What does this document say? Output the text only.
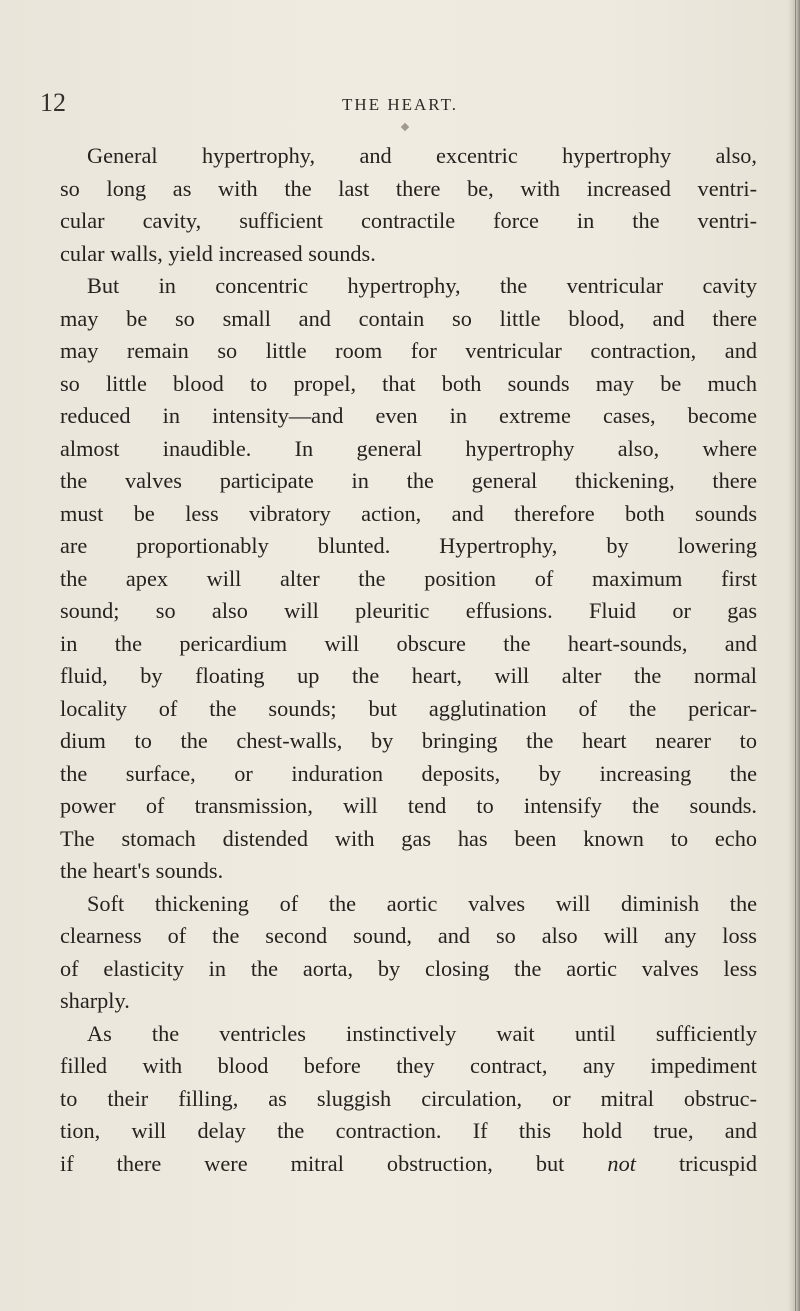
12	THE HEART.
General hypertrophy, and excentric hypertrophy also,
so long as with the last there be, with increased ventri-
cular cavity, sufficient contractile force in the ventri-
cular walls, yield increased sounds.
But in concentric hypertrophy, the ventricular cavity
may be so small and contain so little blood, and there
may remain so little room for ventricular contraction, and
so little blood to propel, that both sounds may be much
reduced in intensity—and even in extreme cases, become
almost inaudible. In general hypertrophy also, where
the valves participate in the general thickening, there
must be less vibratory action, and therefore both sounds
are proportionably blunted. Hypertrophy, by lowering
the apex will alter the position of maximum first
sound; so also will pleuritic effusions. Fluid or gas
in the pericardium will obscure the heart-sounds, and
fluid, by floating up the heart, will alter the normal
locality of the sounds; but agglutination of the pericar-
dium to the chest-walls, by bringing the heart nearer to
the surface, or induration deposits, by increasing the
power of transmission, will tend to intensify the sounds.
The stomach distended with gas has been known to echo
the heart's sounds.
Soft thickening of the aortic valves will diminish the
clearness of the second sound, and so also will any loss
of elasticity in the aorta, by closing the aortic valves less
sharply.
As the ventricles instinctively wait until sufficiently
filled with blood before they contract, any impediment
to their filling, as sluggish circulation, or mitral obstruc-
tion, will delay the contraction. If this hold true, and
if there were mitral obstruction, but not tricuspid
